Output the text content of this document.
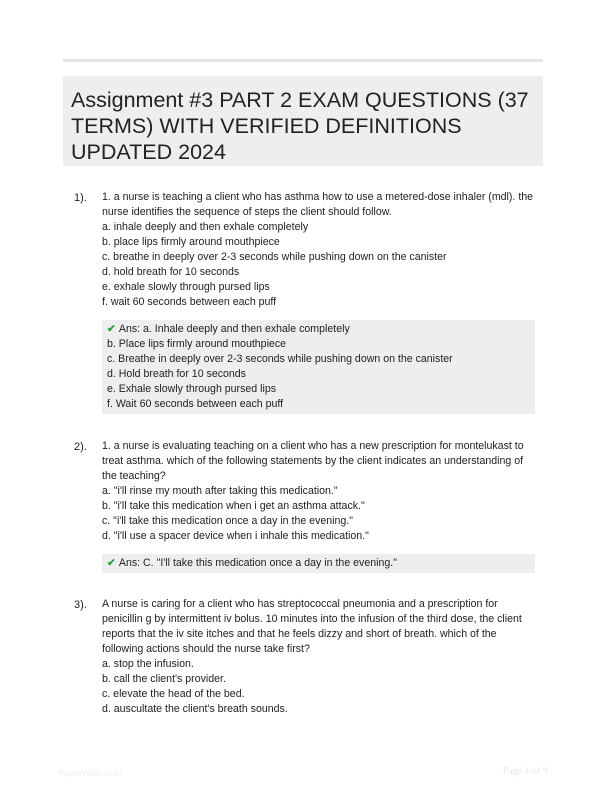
Assignment #3 PART 2 EXAM QUESTIONS (37 TERMS) WITH VERIFIED DEFINITIONS UPDATED 2024
1). 1. a nurse is teaching a client who has asthma how to use a metered-dose inhaler (mdl). the
nurse identifies the sequence of steps the client should follow.
a. inhale deeply and then exhale completely
b. place lips firmly around mouthpiece
c. breathe in deeply over 2-3 seconds while pushing down on the canister
d. hold breath for 10 seconds
e. exhale slowly through pursed lips
f. wait 60 seconds between each puff
✔ Ans: a. Inhale deeply and then exhale completely
b. Place lips firmly around mouthpiece
c. Breathe in deeply over 2-3 seconds while pushing down on the canister
d. Hold breath for 10 seconds
e. Exhale slowly through pursed lips
f. Wait 60 seconds between each puff
2). 1. a nurse is evaluating teaching on a client who has a new prescription for montelukast to
treat asthma. which of the following statements by the client indicates an understanding of
the teaching?
a. "i'll rinse my mouth after taking this medication."
b. "i'll take this medication when i get an asthma attack."
c. "i'll take this medication once a day in the evening."
d. "i'll use a spacer device when i inhale this medication."
✔ Ans: C. "I'll take this medication once a day in the evening."
3). A nurse is caring for a client who has streptococcal pneumonia and a prescription for
penicillin g by intermittent iv bolus. 10 minutes into the infusion of the third dose, the client
reports that the iv site itches and that he feels dizzy and short of breath. which of the
following actions should the nurse take first?
a. stop the infusion.
b. call the client's provider.
c. elevate the head of the bed.
d. auscultate the client's breath sounds.
PaperWibe.com	Page 1 of 9
